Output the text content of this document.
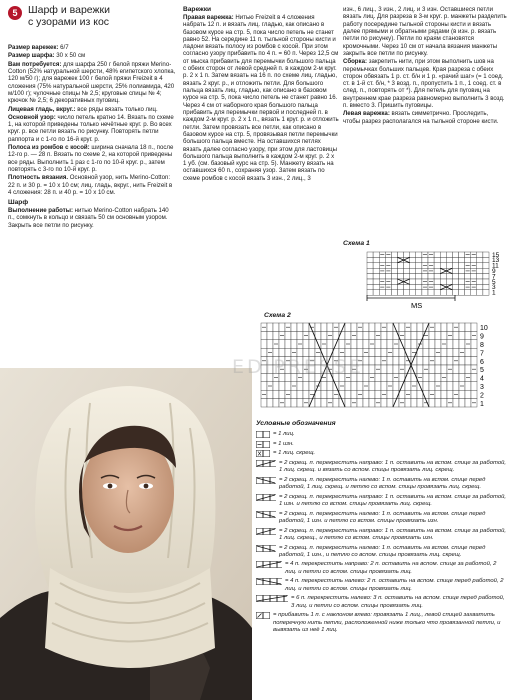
5	Шарф и варежки
с узорами из кос

Размер варежек: 6/7

Размер шарфа: 30 х 50 см

Вам потребуется: для шарфа 250 г белой пряжи Merino-Cotton (52% натуральной шерсти, 48% египетского хлопка, 120 м/50 г); для варежек 100 г белой пряжи Freizeit в 4 сложения (75% натуральной шерсти, 25% полиамида, 420 м/100 г); чулочные спицы № 2,5; круговые спицы № 4; крючок № 2,5; 6 декоративных пуговиц.

Лицевая гладь, вкруг.: все ряды вязать только лиц.

Основной узор: число петель кратно 14. Вязать по схеме 1, на которой приведены только нечётные круг. р. Во всех круг. р. все петли вязать по рисунку. Повторять петли раппорта и с 1-го по 16-й круг. р.

Полоса из ромбов с косой: ширина сначала 18 п., после 12-го р. — 28 п. Вязать по схеме 2, на которой приведены все ряды. Выполнить 1 раз с 1-го по 10-й круг. р., затем повторять с 3-го по 10-й круг. р.

Плотность вязания. Основной узор, нить Merino-Cotton: 22 п. и 30 р. = 10 х 10 см; лиц. гладь, вкруг., нить Freizeit в 4 сложения: 28 п. и 40 р. = 10 х 10 см.

Шарф

Выполнение работы: нитью Merino-Cotton набрать 140 п., сомкнуть в кольцо и связать 50 см основным узором. Закрыть все петли по рисунку.

Варежки

Правая варежка: Нитью Freizeit в 4 сложения набрать 12 п. и вязать лиц. гладью, как описано в базовом курсе на стр. 5, пока число петель не станет равно 52. На середине 11 п. тыльной стороны кисти и ладони вязать полосу из ромбов с косой. При этом согласно узору прибавить по 4 п. = 60 п. Через 12,5 см от мыска прибавить для перемычки большого пальца с обеих сторон от левой средней п. в каждом 2-м круг. р. 2 х 1 п. Затем вязать на 16 п. по схеме лиц. гладью, вязать 2 круг. р., и отложить петли. Для большого пальца вязать лиц. гладью, как описано в базовом курсе на стр. 5, пока число петель не станет равно 16. Через 4 см от наборного края большого пальца прибавить для перемычки первой и последней п. в каждом 2-м круг. р. 2 х 1 п., вязать 1 круг. р. и отложить петли. Затем провязать все петли, как описано в базовом курсе на стр. 5, провязывая петли перемычки большого пальца вместе. На оставшихся петлях вязать далее согласно узору, при этом для ластовицы большого пальца выполнить в каждом 2-м круг. р. 2 х 1 уб. (см. базовый курс на стр. 5). Манжету вязать на оставшихся 60 п., сохраняя узор. Затем вязать по схеме ромбов с косой вязать 3 изн., 2 лиц., 3

изн., 6 лиц., 3 изн., 2 лиц. и 3 изн. Оставшиеся петли вязать лиц. Для разреза в 3-м круг. р. манжеты разделить работу посередине тыльной стороны кисти и вязать далее прямыми и обратными рядами (в изн. р. вязать петли по рисунку). Петли по краям становятся кромочными. Через 10 см от начала вязания манжеты закрыть все петли по рисунку.

Сборка: закрепить нити, при этом выполнить шов на перемычках больших пальцев. Края разреза с обеих сторон обвязать 1 р. ст. б/н и 1 р. «рачий шаг» (= 1 соед. ст. в 1-й ст. б/н, * 3 возд. п., пропустить 1 п., 1 соед. ст. в след. п., повторять от *). Для петель для пуговиц на внутреннем крае разреза равномерно выполнить 3 возд. п. вместо 3. Пришить пуговицы.

Левая варежка: вязать симметрично. Проследить, чтобы разрез располагался на тыльной стороне кисти.

Схема 1
15
13
11
9
7
5
3
1
MS
Схема 2
10
9
8
7
6
5
4
3
2
1
EDIPRESSE
Условные обозначения
= 1 лиц.
= 1 изн.
= 1 лиц. скрещ.
= 2 скрещ. п. перекрестить направо: 1 п. оставить на вспом. спице за работой, 1 лиц. скрещ. и вязать со вспом. спицы провязать лиц. скрещ.
= 2 скрещ. п. перекрестить налево: 1 п. оставить на вспом. спице перед работой, 1 лиц. скрещ. и петлю со вспом. спицы провязать лиц. скрещ.
= 2 скрещ. п. перекрестить направо: 1 п. оставить на вспом. спице за работой, 1 изн. и петлю со вспом. спицы провязать лиц. скрещ.
= 2 скрещ. п. перекрестить налево: 1 п. оставить на вспом. спице перед работой, 1 изн. и петлю со вспом. спицы провязать изн.
= 2 скрещ. п. перекрестить направо: 1 п. оставить на вспом. спице за работой, 1 лиц. скрещ., и петлю со вспом. спицы провязать изн.
= 2 скрещ. п. перекрестить налево: 1 п. оставить на вспом. спице перед работой, 1 изн., и петлю со вспом. спицы провязать лиц. скрещ.
= 4 п. перекрестить направо: 2 п. оставить на вспом. спице за работой, 2 лиц. и петли со вспом. спицы провязать лиц.
= 4 п. перекрестить налево: 2 п. оставить на вспом. спице перед работой, 2 лиц. и петли со вспом. спицы провязать лиц.
= 6 п. перекрестить налево: 3 п. оставить на вспом. спице перед работой, 3 лиц. и петли со вспом. спицы провязать лиц.
= прибавить 1 п. с наклоном влево: провязать 1 лиц., левой спицей захватить поперечную нить петли, расположенной ниже только что провязанной петли, и вывязать из неё 1 лиц.
